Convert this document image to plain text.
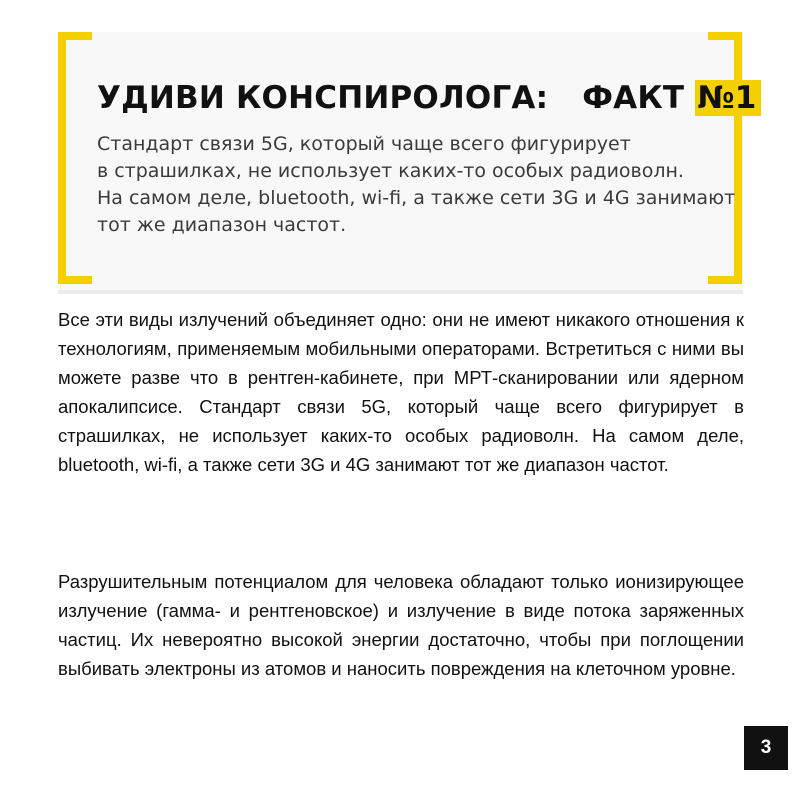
УДИВИ КОНСПИРОЛОГА: ФАКТ №1

Стандарт связи 5G, который чаще всего фигурирует
в страшилках, не использует каких-то особых радиоволн.
На самом деле, bluetooth, wi-fi, а также сети 3G и 4G занимают
тот же диапазон частот.

Все эти виды излучений объединяет одно: они не имеют никакого отношения к технологиям, применяемым мобильными операторами. Встретиться с ними вы можете разве что в рентген-кабинете, при МРТ-сканировании или ядерном апокалипсисе. Стандарт связи 5G, который чаще всего фигурирует в страшилках, не использует каких-то особых радиоволн. На самом деле, bluetooth, wi-fi, а также сети 3G и 4G занимают тот же диапазон частот.

Разрушительным потенциалом для человека обладают только ионизирующее излучение (гамма- и рентгеновское) и излучение в виде потока заряженных частиц. Их невероятно высокой энергии достаточно, чтобы при поглощении выбивать электроны из атомов и наносить повреждения на клеточном уровне.

3
